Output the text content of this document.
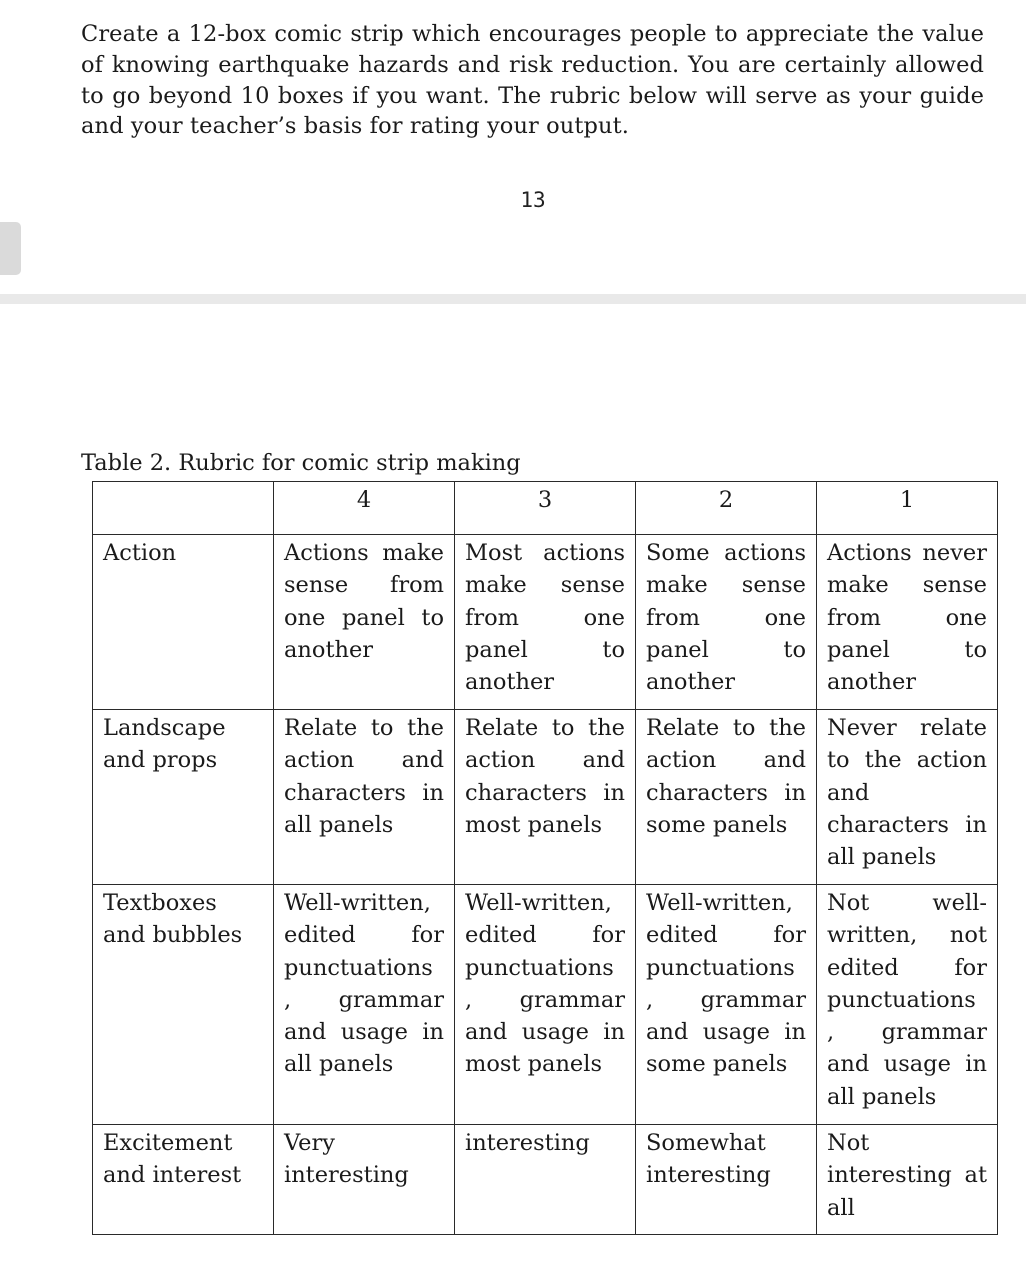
Create a 12-box comic strip which encourages people to appreciate the value of knowing earthquake hazards and risk reduction. You are certainly allowed to go beyond 10 boxes if you want. The rubric below will serve as your guide and your teacher’s basis for rating your output.

13
Table 2. Rubric for comic strip making
	4	3	2	1
Action	Actions make sense from one panel to another	Most actions make sense from one panel to another	Some actions make sense from one panel to another	Actions never make sense from one panel to another
Landscape and props	Relate to the action and characters in all panels	Relate to the action and characters in most panels	Relate to the action and characters in some panels	Never relate to the action and characters in all panels
Textboxes and bubbles	Well-written, edited for punctuations , grammar and usage in all panels	Well-written, edited for punctuations , grammar and usage in most panels	Well-written, edited for punctuations , grammar and usage in some panels	Not well-written, not edited for punctuations , grammar and usage in all panels
Excitement and interest	Very interesting	interesting	Somewhat interesting	Not interesting at all
